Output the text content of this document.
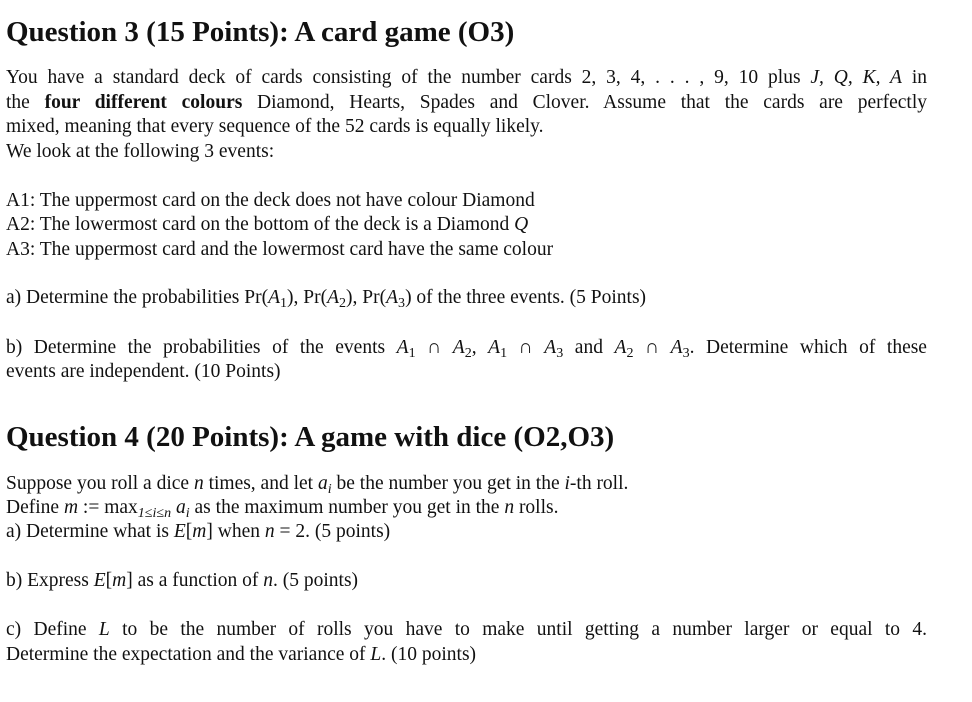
Question 3 (15 Points): A card game (O3)
You have a standard deck of cards consisting of the number cards 2, 3, 4, . . . , 9, 10 plus J, Q, K, A in
the four different colours Diamond, Hearts, Spades and Clover. Assume that the cards are perfectly
mixed, meaning that every sequence of the 52 cards is equally likely.
We look at the following 3 events:
A1: The uppermost card on the deck does not have colour Diamond
A2: The lowermost card on the bottom of the deck is a Diamond Q
A3: The uppermost card and the lowermost card have the same colour
a) Determine the probabilities $Pr(A_1)$, $Pr(A_2)$, $Pr(A_3)$ of the three events. (5 Points)
b) Determine the probabilities of the events $A_1$ ∩ $A_2$, $A_1$ ∩ $A_3$ and $A_2$ ∩ $A_3$. Determine which of these
events are independent. (10 Points)
Question 4 (20 Points): A game with dice (O2,O3)
Suppose you roll a dice n times, and let $a_i$ be the number you get in the i-th roll.
Define m := $\max_{1\le i\le n} a_i$ as the maximum number you get in the n rolls.
a) Determine what is E[m] when n = 2. (5 points)
b) Express E[m] as a function of n. (5 points)
c) Define L to be the number of rolls you have to make until getting a number larger or equal to 4.
Determine the expectation and the variance of L. (10 points)
